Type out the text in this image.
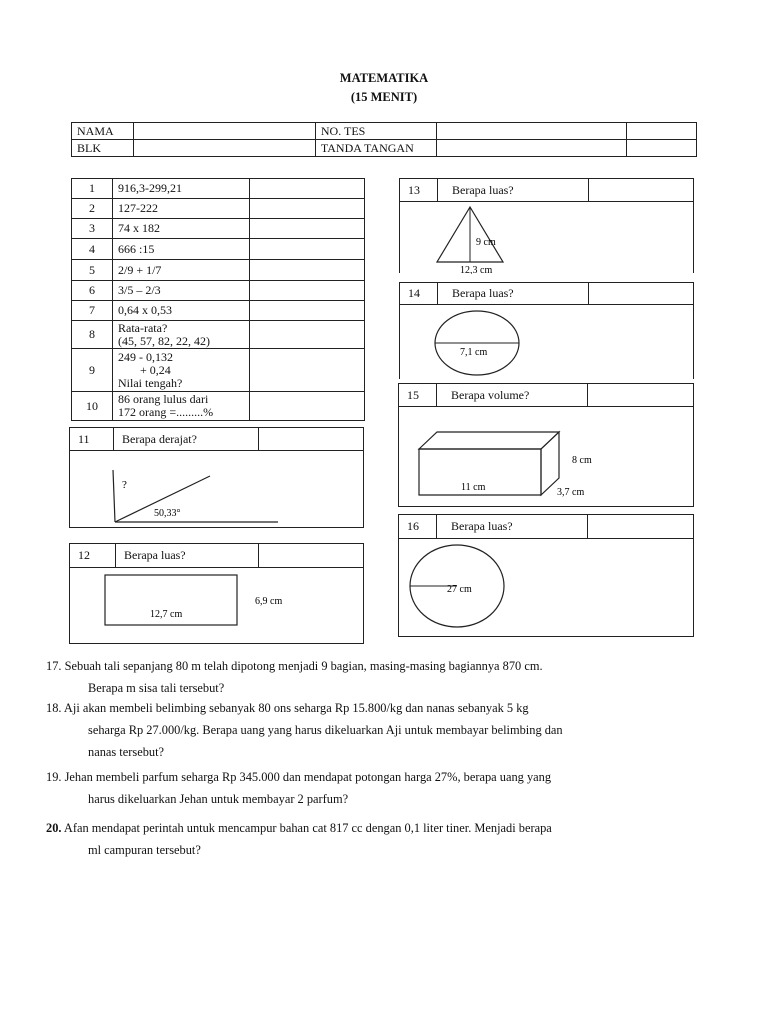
MATEMATIKA
(15 MENIT)
NAMA		NO. TES		
BLK		TANDA TANGAN		
1	916,3-299,21	
2	127-222	
3	74 x 182	
4	666 :15	
5	2/9 + 1/7	
6	3/5 – 2/3	
7	0,64 x 0,53	
8	Rata-rata?
(45, 57, 82, 22, 42)	

9	249 - 0,132
+ 0,24
Nilai tengah?	

10	86 orang lulus dari
172 orang =.........%	

11	Berapa derajat?
?
50,33°
12	Berapa luas?
12,7 cm
6,9 cm
13	Berapa luas?
9 cm
12,3 cm
14	Berapa luas?
7,1 cm
15	Berapa volume?
8 cm
11 cm	3,7 cm
16	Berapa luas?
27 cm
17. Sebuah tali sepanjang 80 m telah dipotong menjadi 9 bagian, masing-masing bagiannya 870 cm.
Berapa m sisa tali tersebut?
18. Aji akan membeli belimbing sebanyak 80 ons seharga Rp 15.800/kg dan nanas sebanyak 5 kg
seharga Rp 27.000/kg. Berapa uang yang harus dikeluarkan Aji untuk membayar belimbing dan
nanas tersebut?
19. Jehan membeli parfum seharga Rp 345.000 dan mendapat potongan harga 27%, berapa uang yang
harus dikeluarkan Jehan untuk membayar 2 parfum?
20. Afan mendapat perintah untuk mencampur bahan cat 817 cc dengan 0,1 liter tiner. Menjadi berapa
ml campuran tersebut?
